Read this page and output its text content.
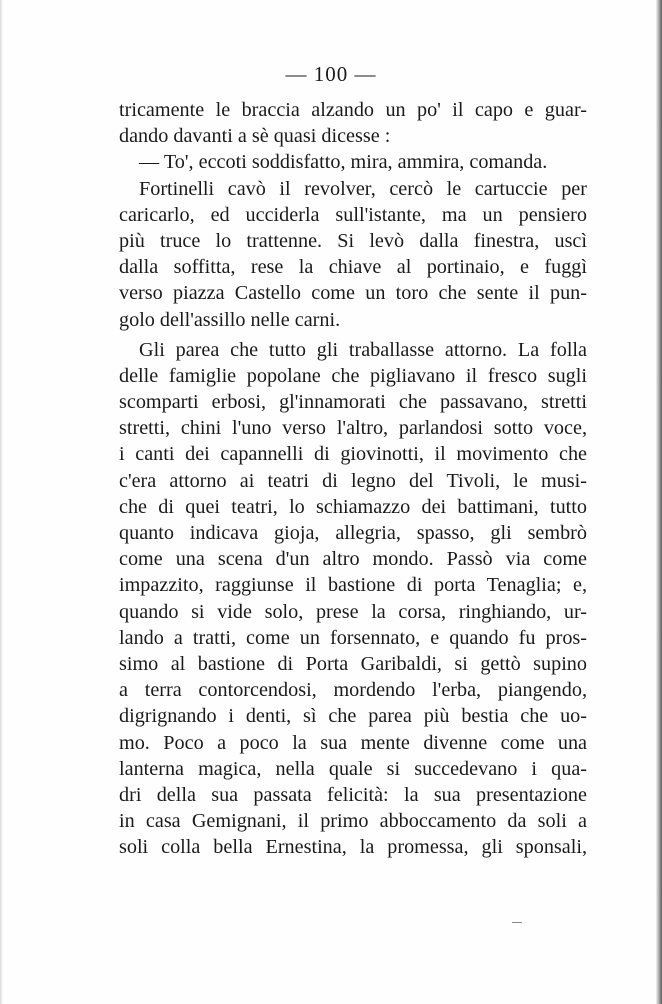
— 100 —
tricamente le braccia alzando un po' il capo e guar-
dando davanti a sè quasi dicesse :
— To', eccoti soddisfatto, mira, ammira, comanda.
Fortinelli cavò il revolver, cercò le cartuccie per
caricarlo, ed ucciderla sull'istante, ma un pensiero
più truce lo trattenne. Si levò dalla finestra, uscì
dalla soffitta, rese la chiave al portinaio, e fuggì
verso piazza Castello come un toro che sente il pun-
golo dell'assillo nelle carni.
Gli parea che tutto gli traballasse attorno. La folla
delle famiglie popolane che pigliavano il fresco sugli
scomparti erbosi, gl'innamorati che passavano, stretti
stretti, chini l'uno verso l'altro, parlandosi sotto voce,
i canti dei capannelli di giovinotti, il movimento che
c'era attorno ai teatri di legno del Tivoli, le musi-
che di quei teatri, lo schiamazzo dei battimani, tutto
quanto indicava gioja, allegria, spasso, gli sembrò
come una scena d'un altro mondo. Passò via come
impazzito, raggiunse il bastione di porta Tenaglia; e,
quando si vide solo, prese la corsa, ringhiando, ur-
lando a tratti, come un forsennato, e quando fu pros-
simo al bastione di Porta Garibaldi, si gettò supino
a terra contorcendosi, mordendo l'erba, piangendo,
digrignando i denti, sì che parea più bestia che uo-
mo. Poco a poco la sua mente divenne come una
lanterna magica, nella quale si succedevano i qua-
dri della sua passata felicità: la sua presentazione
in casa Gemignani, il primo abboccamento da soli a
soli colla bella Ernestina, la promessa, gli sponsali,
